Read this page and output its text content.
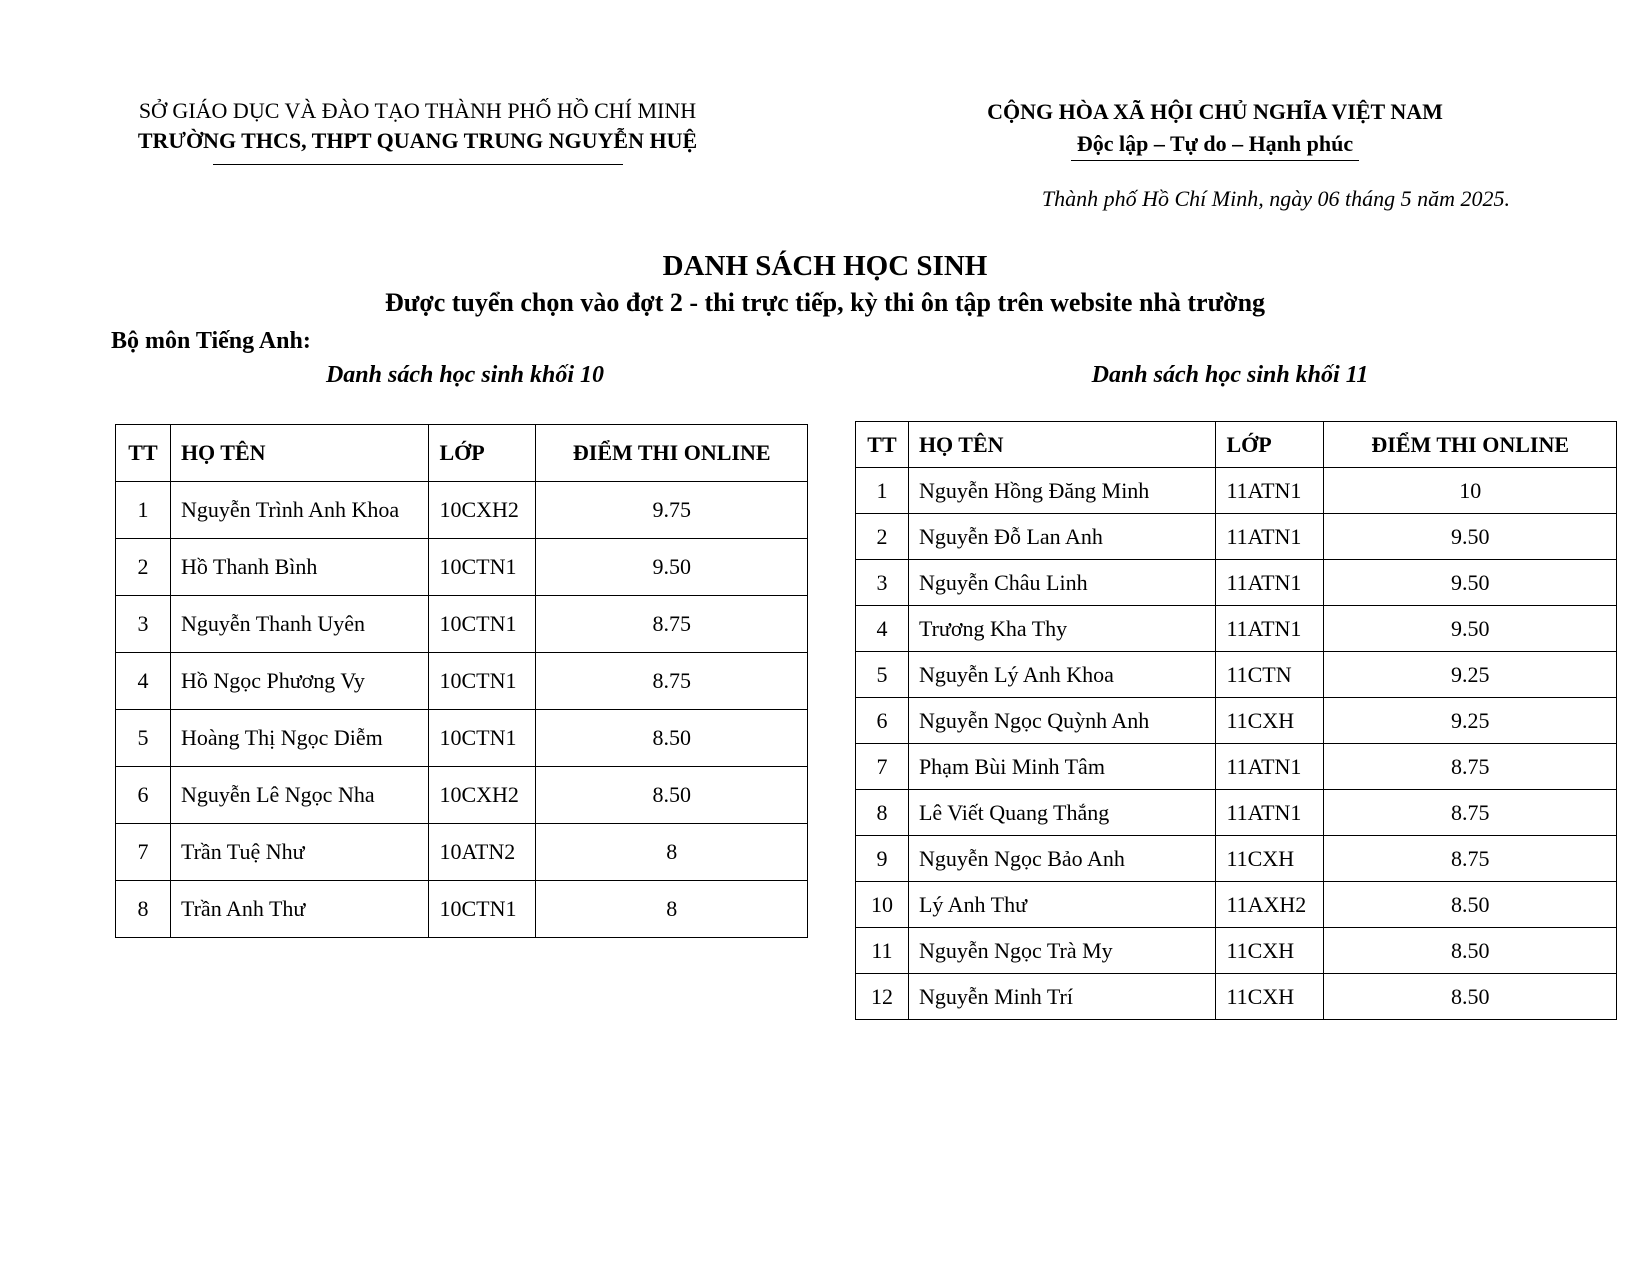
SỞ GIÁO DỤC VÀ ĐÀO TẠO THÀNH PHỐ HỒ CHÍ MINH
TRƯỜNG THCS, THPT QUANG TRUNG NGUYỄN HUỆ
CỘNG HÒA XÃ HỘI CHỦ NGHĨA VIỆT NAM
Độc lập – Tự do – Hạnh phúc
Thành phố Hồ Chí Minh, ngày 06 tháng 5 năm 2025.
DANH SÁCH HỌC SINH
Được tuyển chọn vào đợt 2 - thi trực tiếp, kỳ thi ôn tập trên website nhà trường
Bộ môn Tiếng Anh:
Danh sách học sinh khối 10	Danh sách học sinh khối 11
TT	HỌ TÊN	LỚP	ĐIỂM THI ONLINE
1	Nguyễn Trình Anh Khoa	10CXH2	9.75
2	Hồ Thanh Bình	10CTN1	9.50
3	Nguyễn Thanh Uyên	10CTN1	8.75
4	Hồ Ngọc Phương Vy	10CTN1	8.75
5	Hoàng Thị Ngọc Diễm	10CTN1	8.50
6	Nguyễn Lê Ngọc Nha	10CXH2	8.50
7	Trần Tuệ Như	10ATN2	8
8	Trần Anh Thư	10CTN1	8
TT	HỌ TÊN	LỚP	ĐIỂM THI ONLINE
1	Nguyễn Hồng Đăng Minh	11ATN1	10
2	Nguyễn Đỗ Lan Anh	11ATN1	9.50
3	Nguyễn Châu Linh	11ATN1	9.50
4	Trương Kha Thy	11ATN1	9.50
5	Nguyễn Lý Anh Khoa	11CTN	9.25
6	Nguyễn Ngọc Quỳnh Anh	11CXH	9.25
7	Phạm Bùi Minh Tâm	11ATN1	8.75
8	Lê Viết Quang Thắng	11ATN1	8.75
9	Nguyễn Ngọc Bảo Anh	11CXH	8.75
10	Lý Anh Thư	11AXH2	8.50
11	Nguyễn Ngọc Trà My	11CXH	8.50
12	Nguyễn Minh Trí	11CXH	8.50
